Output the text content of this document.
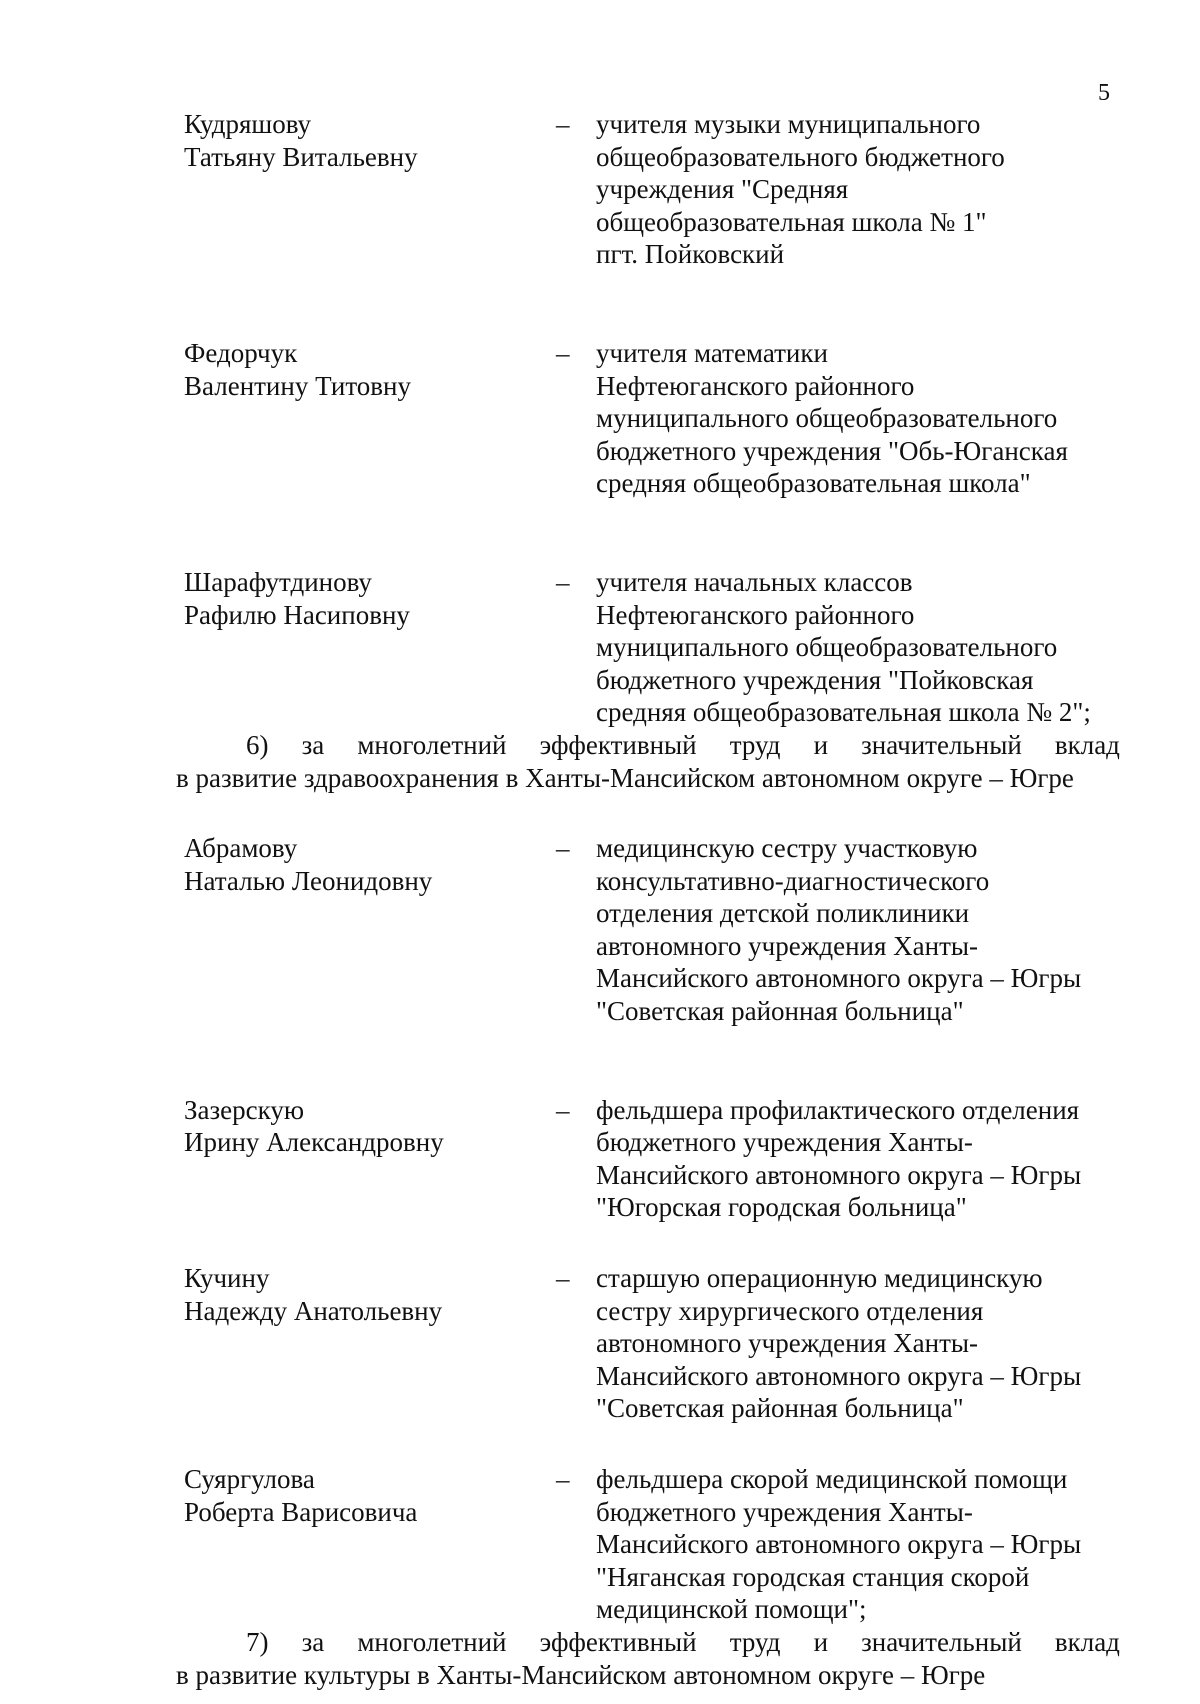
5
Кудряшову
Татьяну Витальевну
– учителя музыки муниципального
общеобразовательного бюджетного
учреждения "Средняя
общеобразовательная школа № 1"
пгт. Пойковский
Федорчук
Валентину Титовну
– учителя математики
Нефтеюганского районного
муниципального общеобразовательного
бюджетного учреждения "Обь-Юганская
средняя общеобразовательная школа"
Шарафутдинову
Рафилю Насиповну
– учителя начальных классов
Нефтеюганского районного
муниципального общеобразовательного
бюджетного учреждения "Пойковская
средняя общеобразовательная школа № 2";
6) за многолетний эффективный труд и значительный вклад
в развитие здравоохранения в Ханты-Мансийском автономном округе – Югре
Абрамову
Наталью Леонидовну
– медицинскую сестру участковую
консультативно-диагностического
отделения детской поликлиники
автономного учреждения Ханты-
Мансийского автономного округа – Югры
"Советская районная больница"
Зазерскую
Ирину Александровну
– фельдшера профилактического отделения
бюджетного учреждения Ханты-
Мансийского автономного округа – Югры
"Югорская городская больница"
Кучину
Надежду Анатольевну
– старшую операционную медицинскую
сестру хирургического отделения
автономного учреждения Ханты-
Мансийского автономного округа – Югры
"Советская районная больница"
Суяргулова
Роберта Варисовича
– фельдшера скорой медицинской помощи
бюджетного учреждения Ханты-
Мансийского автономного округа – Югры
"Няганская городская станция скорой
медицинской помощи";
7) за многолетний эффективный труд и значительный вклад
в развитие культуры в Ханты-Мансийском автономном округе – Югре
